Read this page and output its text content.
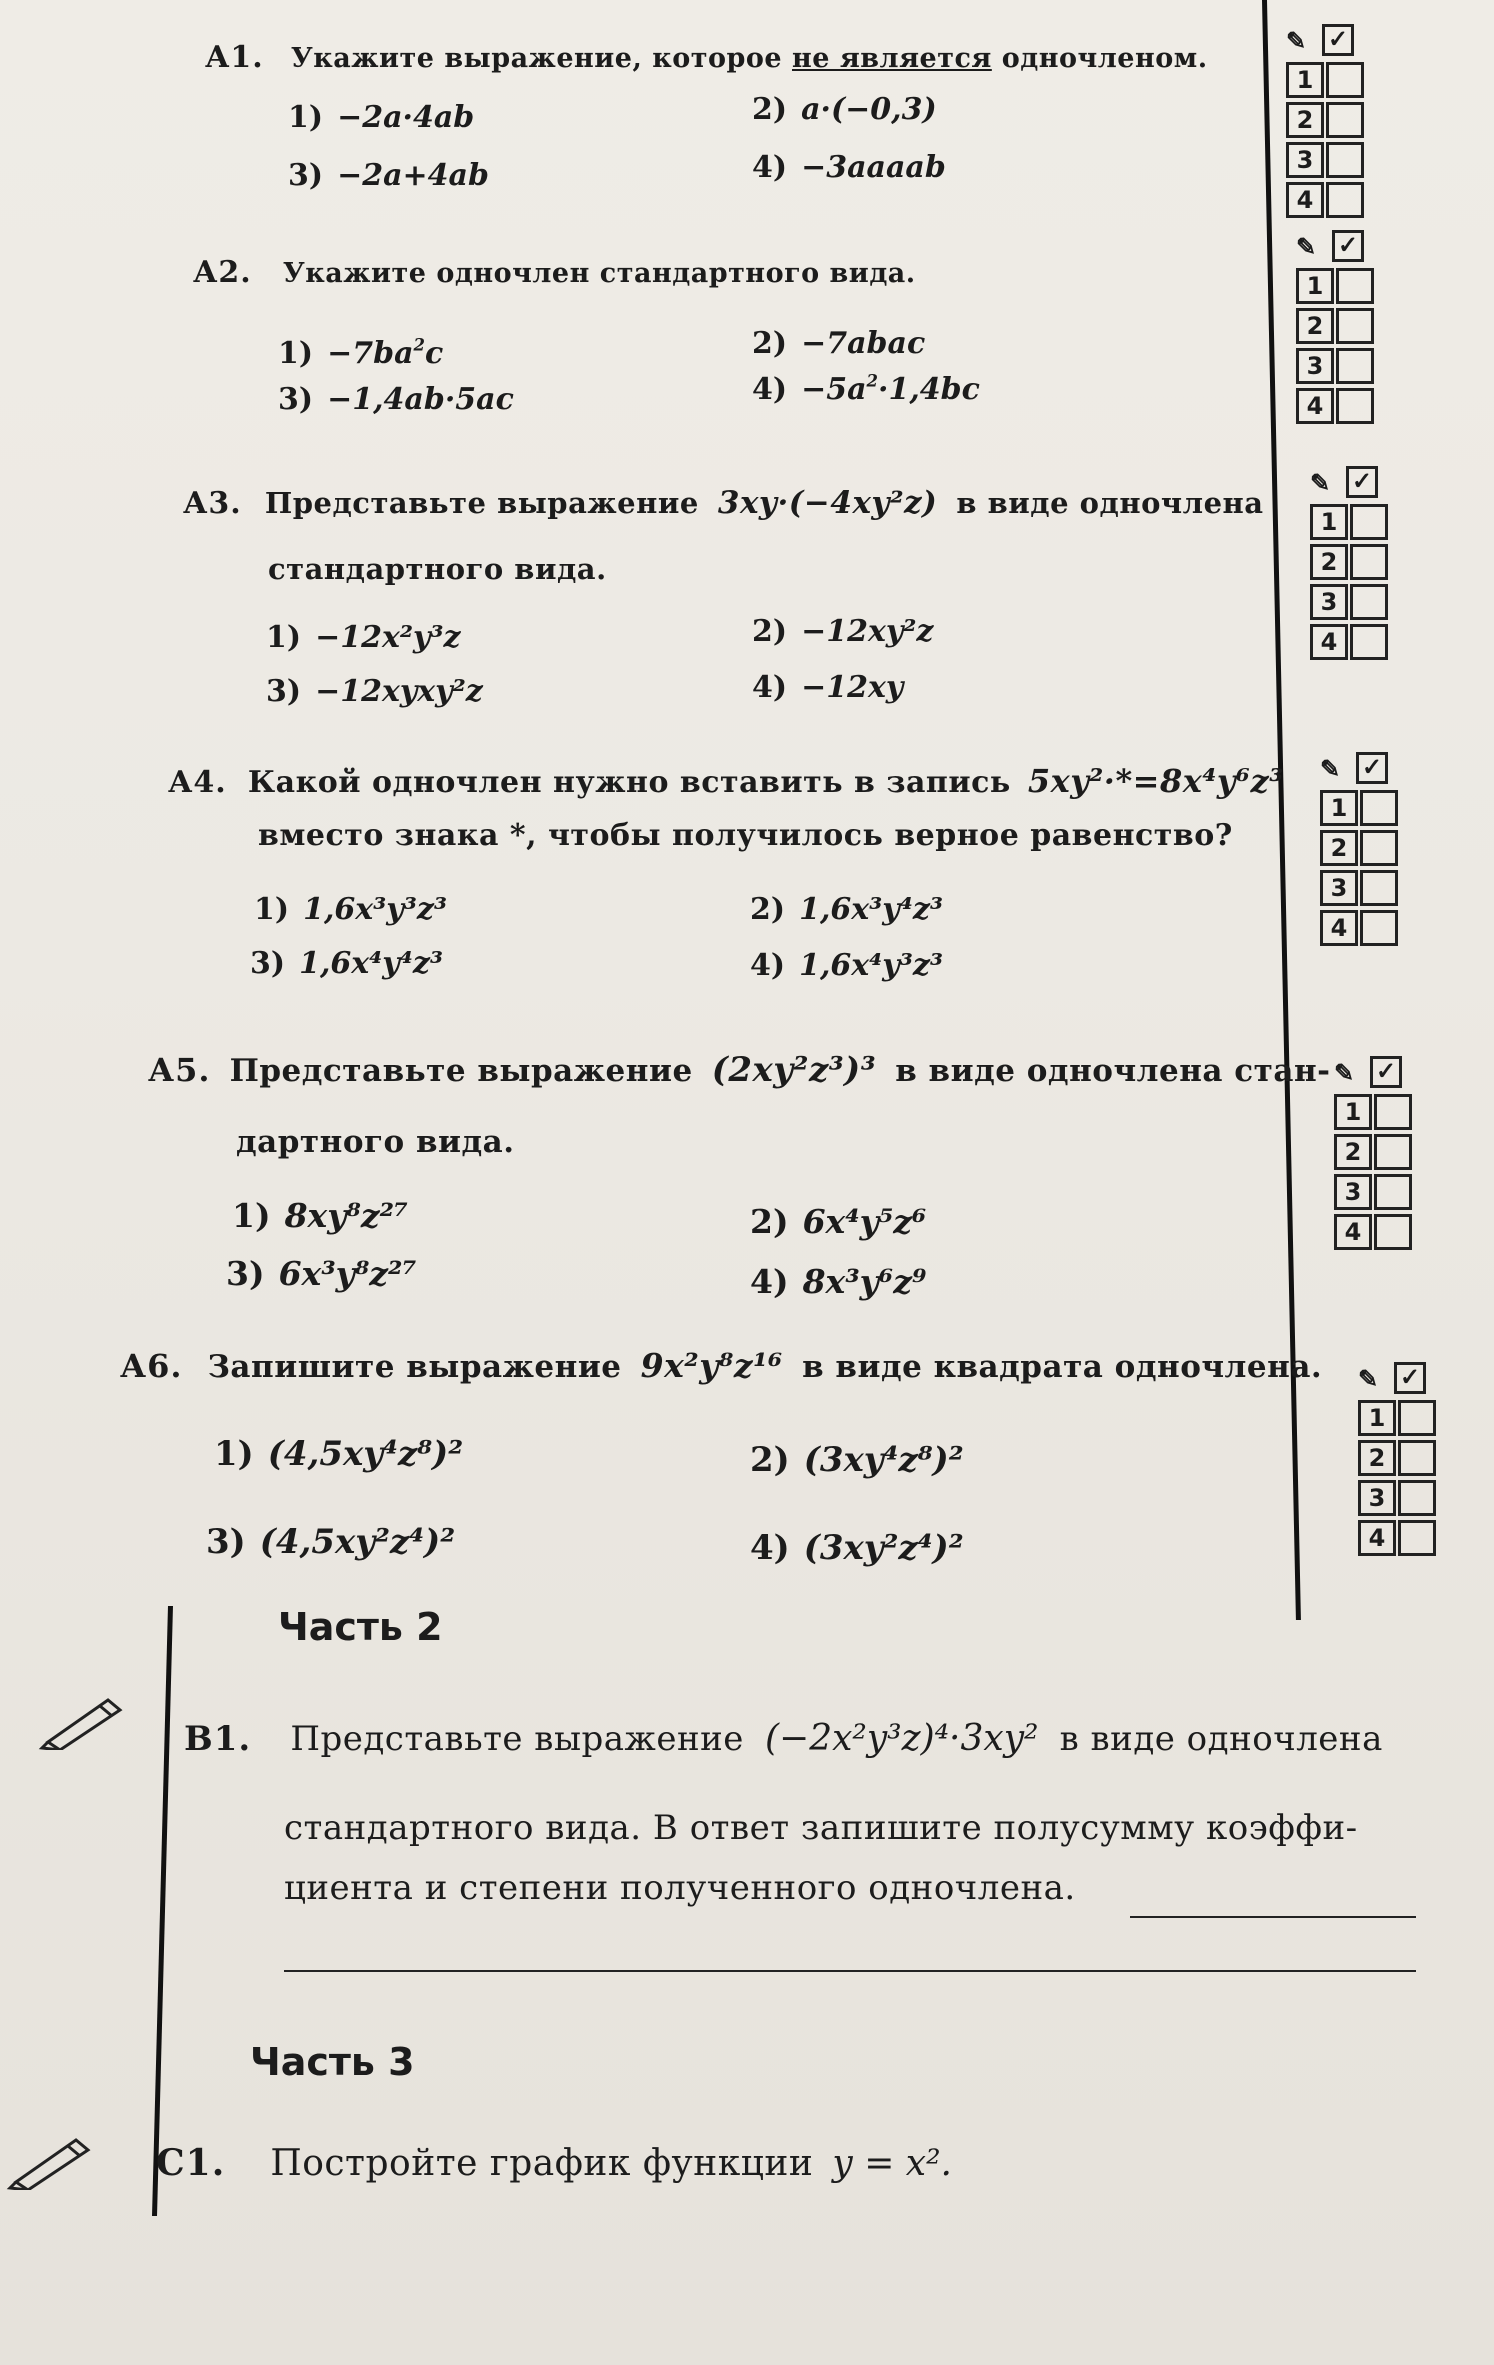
А1. Укажите выражение, которое не является одночленом.
1) −2a·4ab	2) a·(−0,3)
3) −2a+4ab	4) −3aaaab
А2. Укажите одночлен стандартного вида.
$1) -7ba^2c$	2) −7abac
3) −1,4ab·5ac	$4) -5a^2\cdot 1,4bc$
А3. Представьте выражение 3xy·(−4xy²z) в виде одночлена
стандартного вида.
1) −12x²y³z	2) −12xy²z
3) −12xyxy²z	4) −12xy
А4. Какой одночлен нужно вставить в запись 5xy²·*=8x⁴y⁶z³
вместо знака *, чтобы получилось верное равенство?
1) 1,6x³y³z³	2) 1,6x³y⁴z³
3) 1,6x⁴y⁴z³	4) 1,6x⁴y³z³
А5. Представьте выражение (2xy²z³)³ в виде одночлена стан-
дартного вида.
1) 8xy⁸z²⁷	2) 6x⁴y⁵z⁶
3) 6x³y⁸z²⁷	4) 8x³y⁶z⁹
А6. Запишите выражение 9x²y⁸z¹⁶ в виде квадрата одночлена.
1) (4,5xy⁴z⁸)²	2) (3xy⁴z⁸)²
3) (4,5xy²z⁴)²	4) (3xy²z⁴)²
Часть 2
В1. Представьте выражение (−2x²y³z)⁴·3xy² в виде одночлена
стандартного вида. В ответ запишите полусумму коэффи-
циента и степени полученного одночлена.
Часть 3
С1. Постройте график функции y = x².
✎ ✓
1
2
3
4
✎ ✓
1
2
3
4
✎ ✓
1
2
3
4
✎ ✓
1
2
3
4
✎ ✓
1
2
3
4
✎ ✓
1
2
3
4
